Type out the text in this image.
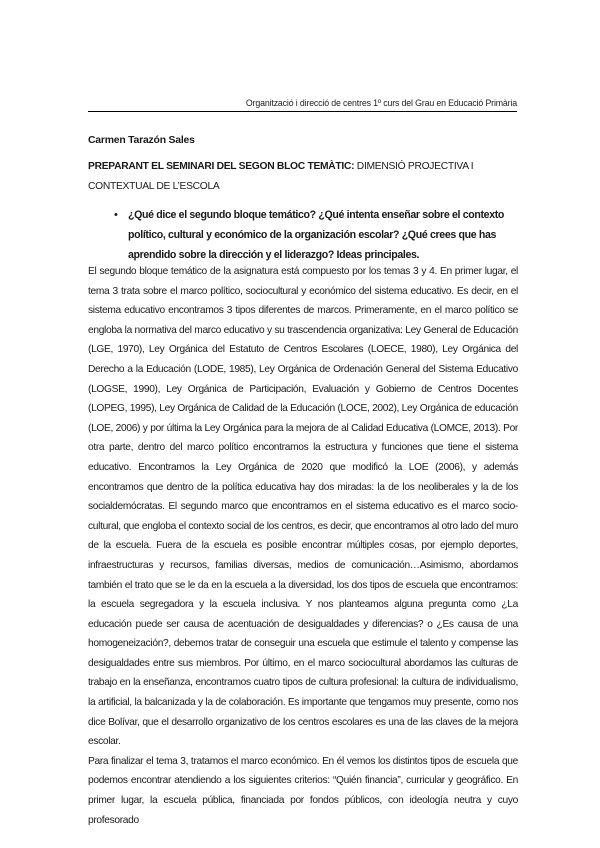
Organització i direcció de centres 1º curs del Grau en Educació Primària
Carmen Tarazón Sales
PREPARANT EL SEMINARI DEL SEGON BLOC TEMÀTIC: DIMENSIÓ PROJECTIVA I CONTEXTUAL DE L’ESCOLA
• ¿Qué dice el segundo bloque temático? ¿Qué intenta enseñar sobre el contexto político, cultural y económico de la organización escolar? ¿Qué crees que has aprendido sobre la dirección y el liderazgo? Ideas principales.

El segundo bloque temático de la asignatura está compuesto por los temas 3 y 4. En primer lugar, el tema 3 trata sobre el marco político, sociocultural y económico del sistema educativo. Es decir, en el sistema educativo encontramos 3 tipos diferentes de marcos. Primeramente, en el marco político se engloba la normativa del marco educativo y su trascendencia organizativa: Ley General de Educación (LGE, 1970), Ley Orgánica del Estatuto de Centros Escolares (LOECE, 1980), Ley Orgánica del Derecho a la Educación (LODE, 1985), Ley Orgánica de Ordenación General del Sistema Educativo (LOGSE, 1990), Ley Orgánica de Participación, Evaluación y Gobierno de Centros Docentes (LOPEG, 1995), Ley Orgánica de Calidad de la Educación (LOCE, 2002), Ley Orgánica de educación (LOE, 2006) y por última la Ley Orgánica para la mejora de al Calidad Educativa (LOMCE, 2013). Por otra parte, dentro del marco político encontramos la estructura y funciones que tiene el sistema educativo. Encontramos la Ley Orgánica de 2020 que modificó la LOE (2006), y además encontramos que dentro de la política educativa hay dos miradas: la de los neoliberales y la de los socialdemócratas. El segundo marco que encontramos en el sistema educativo es el marco socio-cultural, que engloba el contexto social de los centros, es decir, que encontramos al otro lado del muro de la escuela. Fuera de la escuela es posible encontrar múltiples cosas, por ejemplo deportes, infraestructuras y recursos, familias diversas, medios de comunicación…Asimismo, abordamos también el trato que se le da en la escuela a la diversidad, los dos tipos de escuela que encontramos: la escuela segregadora y la escuela inclusiva. Y nos planteamos alguna pregunta como ¿La educación puede ser causa de acentuación de desigualdades y diferencias? o ¿Es causa de una homogeneización?, debemos tratar de conseguir una escuela que estimule el talento y compense las desigualdades entre sus miembros. Por último, en el marco sociocultural abordamos las culturas de trabajo en la enseñanza, encontramos cuatro tipos de cultura profesional: la cultura de individualismo, la artificial, la balcanizada y la de colaboración. Es importante que tengamos muy presente, como nos dice Bolívar, que el desarrollo organizativo de los centros escolares es una de las claves de la mejora escolar.

Para finalizar el tema 3, tratamos el marco económico. En él vemos los distintos tipos de escuela que podemos encontrar atendiendo a los siguientes criterios: “Quién financia”, curricular y geográfico. En primer lugar, la escuela pública, financiada por fondos públicos, con ideología neutra y cuyo profesorado
